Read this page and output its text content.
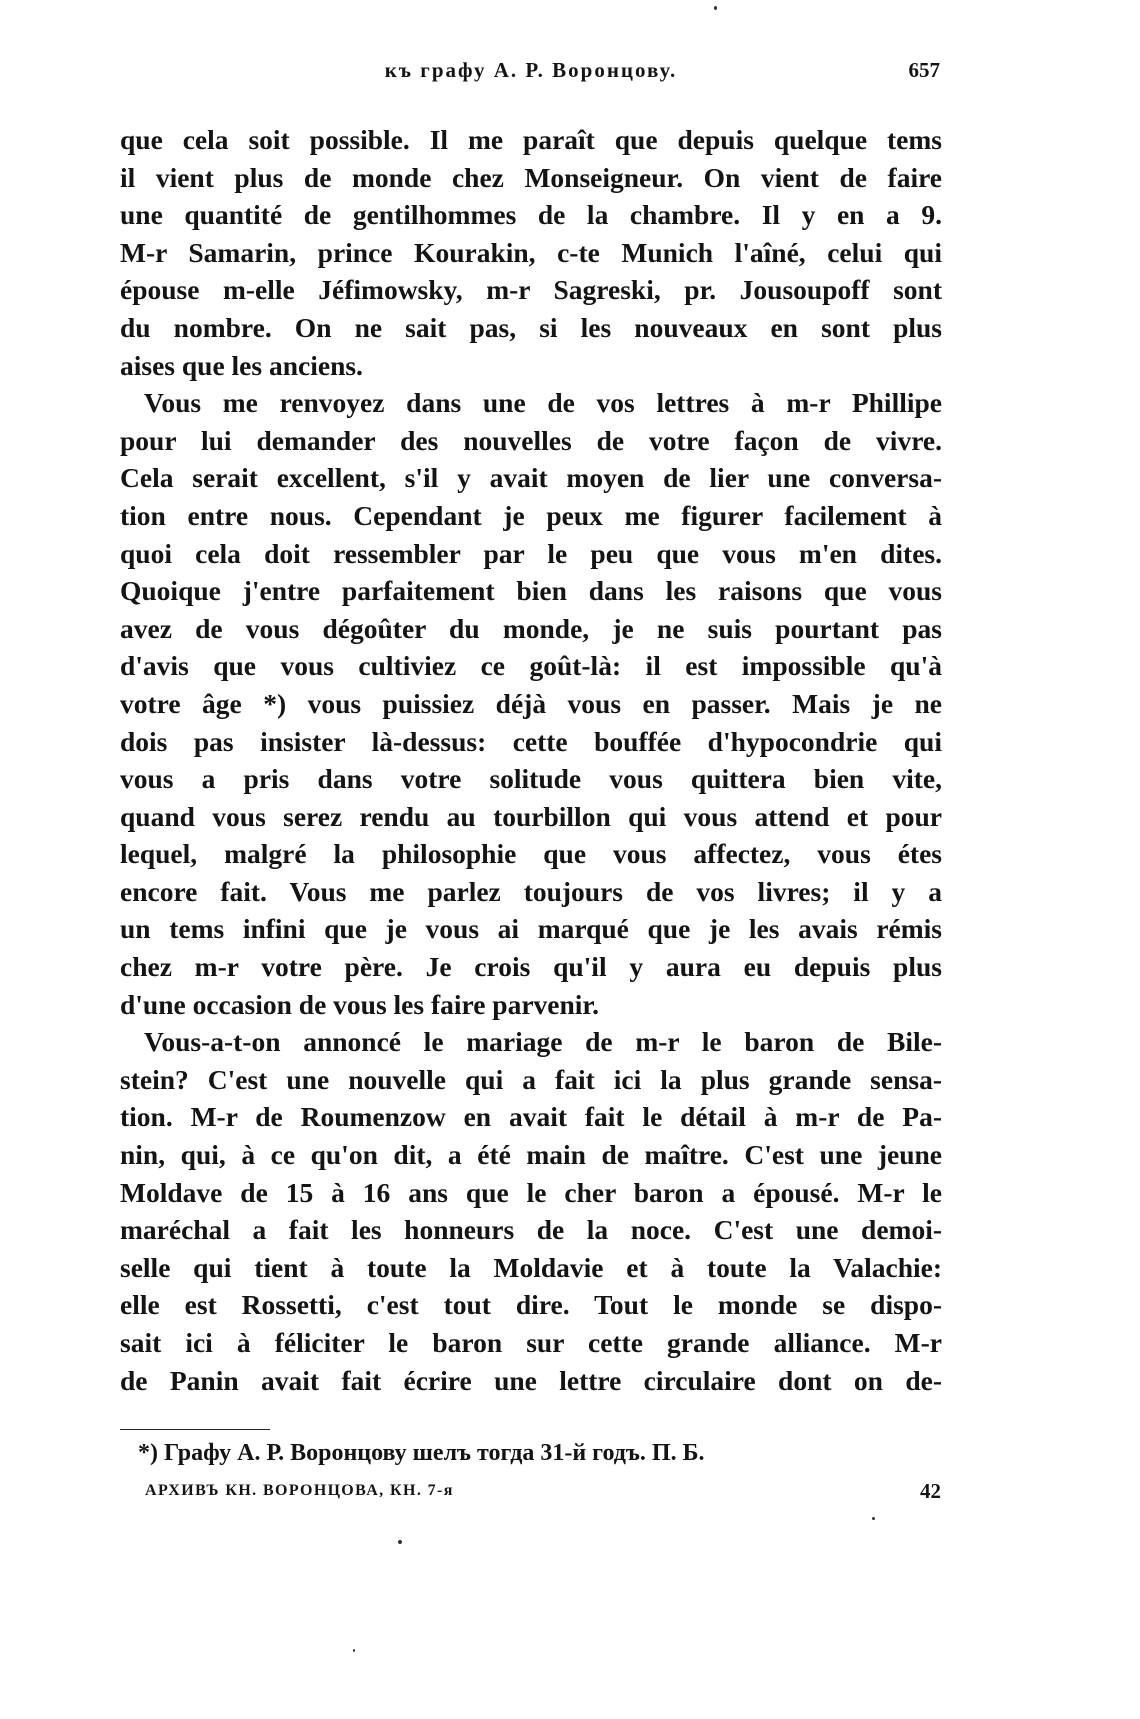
къ графу А. Р. Воронцову.	657
que cela soit possible. Il me paraît que depuis quelque tems
il vient plus de monde chez Monseigneur. On vient de faire
une quantité de gentilhommes de la chambre. Il y en a 9.
M-r Samarin, prince Kourakin, c-te Munich l'aîné, celui qui
épouse m-elle Jéfimowsky, m-r Sagreski, pr. Jousoupoff sont
du nombre. On ne sait pas, si les nouveaux en sont plus
aises que les anciens.
Vous me renvoyez dans une de vos lettres à m-r Phillipe
pour lui demander des nouvelles de votre façon de vivre.
Cela serait excellent, s'il y avait moyen de lier une conversa-
tion entre nous. Cependant je peux me figurer facilement à
quoi cela doit ressembler par le peu que vous m'en dites.
Quoique j'entre parfaitement bien dans les raisons que vous
avez de vous dégoûter du monde, je ne suis pourtant pas
d'avis que vous cultiviez ce goût-là: il est impossible qu'à
votre âge *) vous puissiez déjà vous en passer. Mais je ne
dois pas insister là-dessus: cette bouffée d'hypocondrie qui
vous a pris dans votre solitude vous quittera bien vite,
quand vous serez rendu au tourbillon qui vous attend et pour
lequel, malgré la philosophie que vous affectez, vous étes
encore fait. Vous me parlez toujours de vos livres; il y a
un tems infini que je vous ai marqué que je les avais rémis
chez m-r votre père. Je crois qu'il y aura eu depuis plus
d'une occasion de vous les faire parvenir.
Vous-a-t-on annoncé le mariage de m-r le baron de Bile-
stein? C'est une nouvelle qui a fait ici la plus grande sensa-
tion. M-r de Roumenzow en avait fait le détail à m-r de Pa-
nin, qui, à ce qu'on dit, a été main de maître. C'est une jeune
Moldave de 15 à 16 ans que le cher baron a épousé. M-r le
maréchal a fait les honneurs de la noce. C'est une demoi-
selle qui tient à toute la Moldavie et à toute la Valachie:
elle est Rossetti, c'est tout dire. Tout le monde se dispo-
sait ici à féliciter le baron sur cette grande alliance. M-r
de Panin avait fait écrire une lettre circulaire dont on de-
*) Графу А. Р. Воронцову шелъ тогда 31-й годъ. П. Б.
АРХИВЪ КН. ВОРОНЦОВА, КН. 7-я	42
